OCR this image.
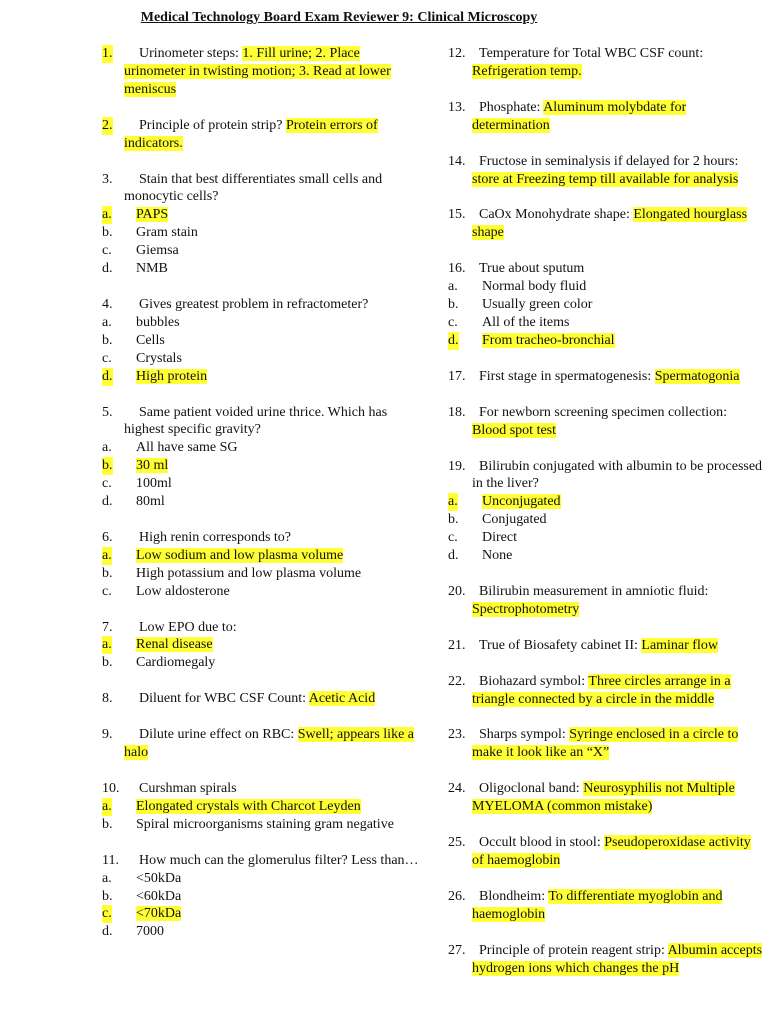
Medical Technology Board Exam Reviewer 9: Clinical Microscopy
1.	Urinometer steps: 1. Fill urine; 2. Place urinometer in twisting motion; 3. Read at lower meniscus
2.	Principle of protein strip? Protein errors of indicators.
3.	Stain that best differentiates small cells and monocytic cells?
a. PAPS
b. Gram stain
c. Giemsa
d. NMB
4.	Gives greatest problem in refractometer?
a. bubbles
b. Cells
c. Crystals
d. High protein
5.	Same patient voided urine thrice. Which has highest specific gravity?
a. All have same SG
b. 30 ml
c. 100ml
d. 80ml
6.	High renin corresponds to?
a. Low sodium and low plasma volume
b. High potassium and low plasma volume
c. Low aldosterone
7.	Low EPO due to:
a. Renal disease
b. Cardiomegaly
8.	Diluent for WBC CSF Count: Acetic Acid
9.	Dilute urine effect on RBC: Swell; appears like a halo
10.	Curshman spirals
a. Elongated crystals with Charcot Leyden
b. Spiral microorganisms staining gram negative
11.	How much can the glomerulus filter? Less than…
a. <50kDa
b. <60kDa
c. <70kDa
d. 7000
12. Temperature for Total WBC CSF count: Refrigeration temp.
13. Phosphate: Aluminum molybdate for determination
14. Fructose in seminalysis if delayed for 2 hours: store at Freezing temp till available for analysis
15. CaOx Monohydrate shape: Elongated hourglass shape
16. True about sputum
a. Normal body fluid
b. Usually green color
c. All of the items
d. From tracheo-bronchial
17. First stage in spermatogenesis: Spermatogonia
18. For newborn screening specimen collection: Blood spot test
19. Bilirubin conjugated with albumin to be processed in the liver?
a. Unconjugated
b. Conjugated
c. Direct
d. None
20. Bilirubin measurement in amniotic fluid: Spectrophotometry
21. True of Biosafety cabinet II: Laminar flow
22. Biohazard symbol: Three circles arrange in a triangle connected by a circle in the middle
23. Sharps sympol: Syringe enclosed in a circle to make it look like an “X”
24. Oligoclonal band: Neurosyphilis not Multiple MYELOMA (common mistake)
25. Occult blood in stool: Pseudoperoxidase activity of haemoglobin
26. Blondheim: To differentiate myoglobin and haemoglobin
27. Principle of protein reagent strip: Albumin accepts hydrogen ions which changes the pH
